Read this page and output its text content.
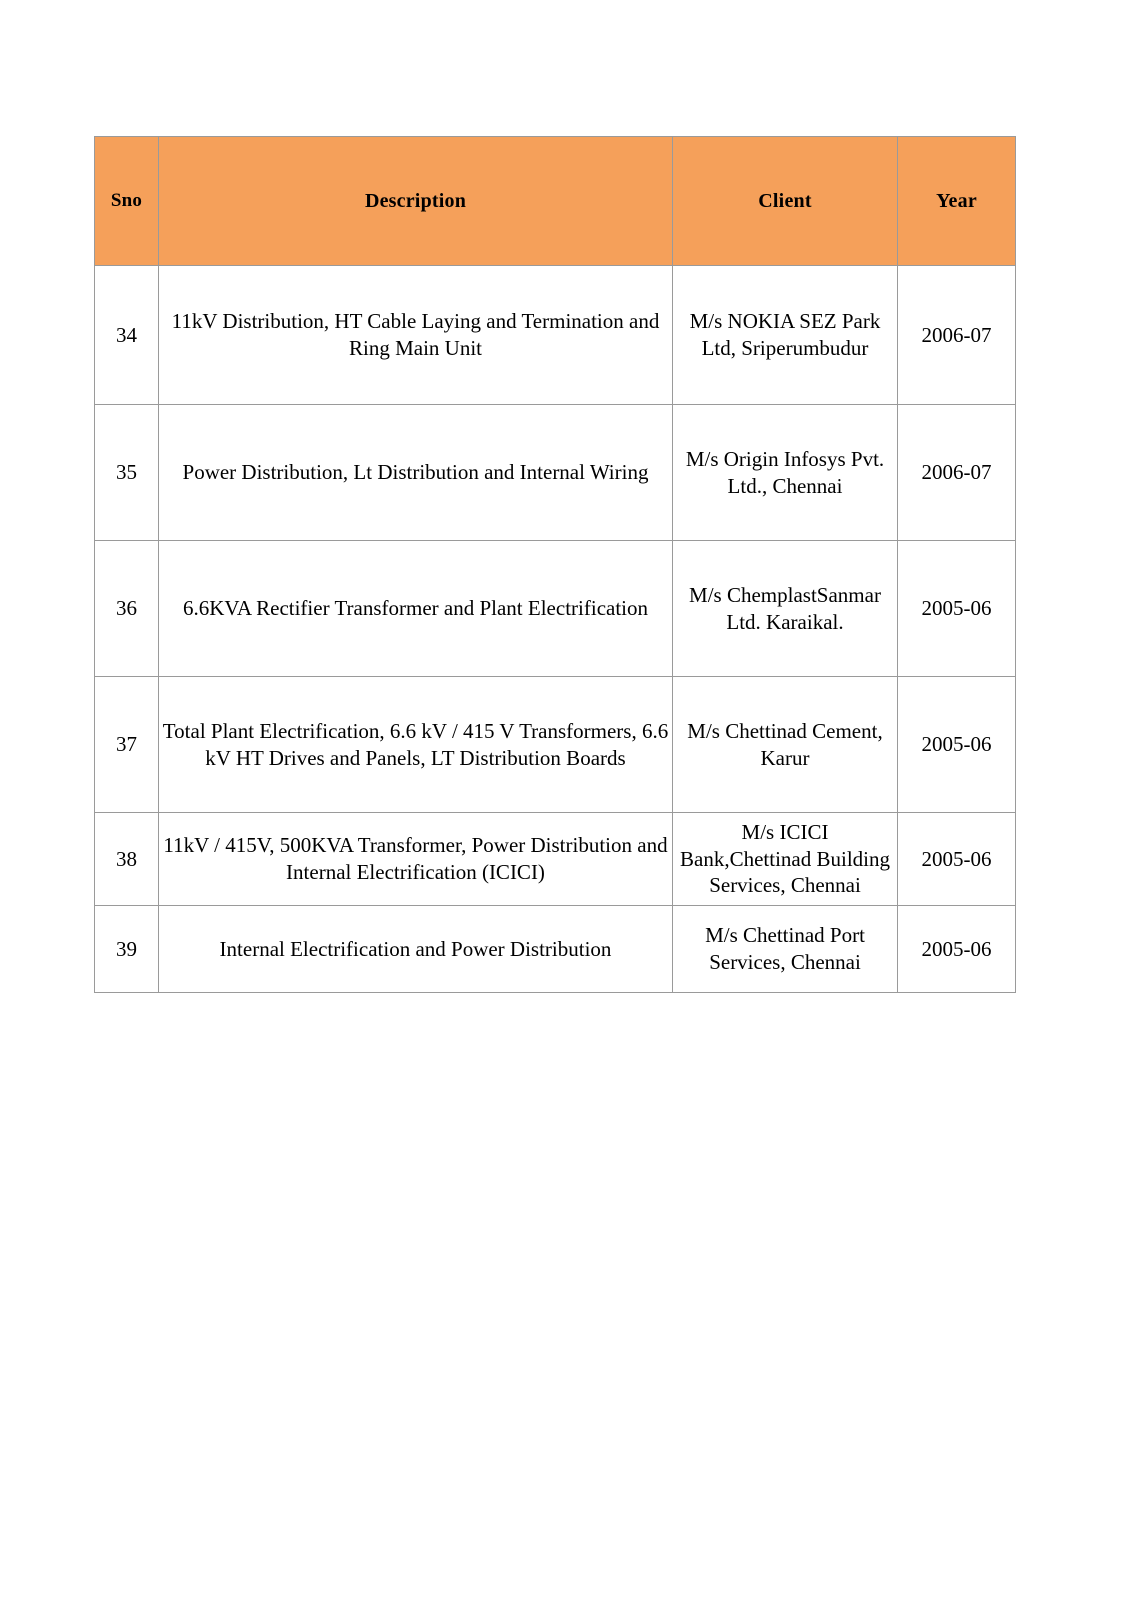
Sno	Description	Client	Year
34	11kV Distribution, HT Cable Laying and Termination and Ring Main Unit	M/s NOKIA SEZ Park Ltd, Sriperumbudur	2006-07
35	Power Distribution, Lt Distribution and Internal Wiring	M/s Origin Infosys Pvt. Ltd., Chennai	2006-07
36	6.6KVA Rectifier Transformer and Plant Electrification	M/s ChemplastSanmar Ltd. Karaikal.	2005-06
37	Total Plant Electrification, 6.6 kV / 415 V Transformers, 6.6 kV HT Drives and Panels, LT Distribution Boards	M/s Chettinad Cement, Karur	2005-06
38	11kV / 415V, 500KVA Transformer, Power Distribution and Internal Electrification (ICICI)	M/s ICICI Bank,Chettinad Building Services, Chennai	2005-06
39	Internal Electrification and Power Distribution	M/s Chettinad Port Services, Chennai	2005-06
